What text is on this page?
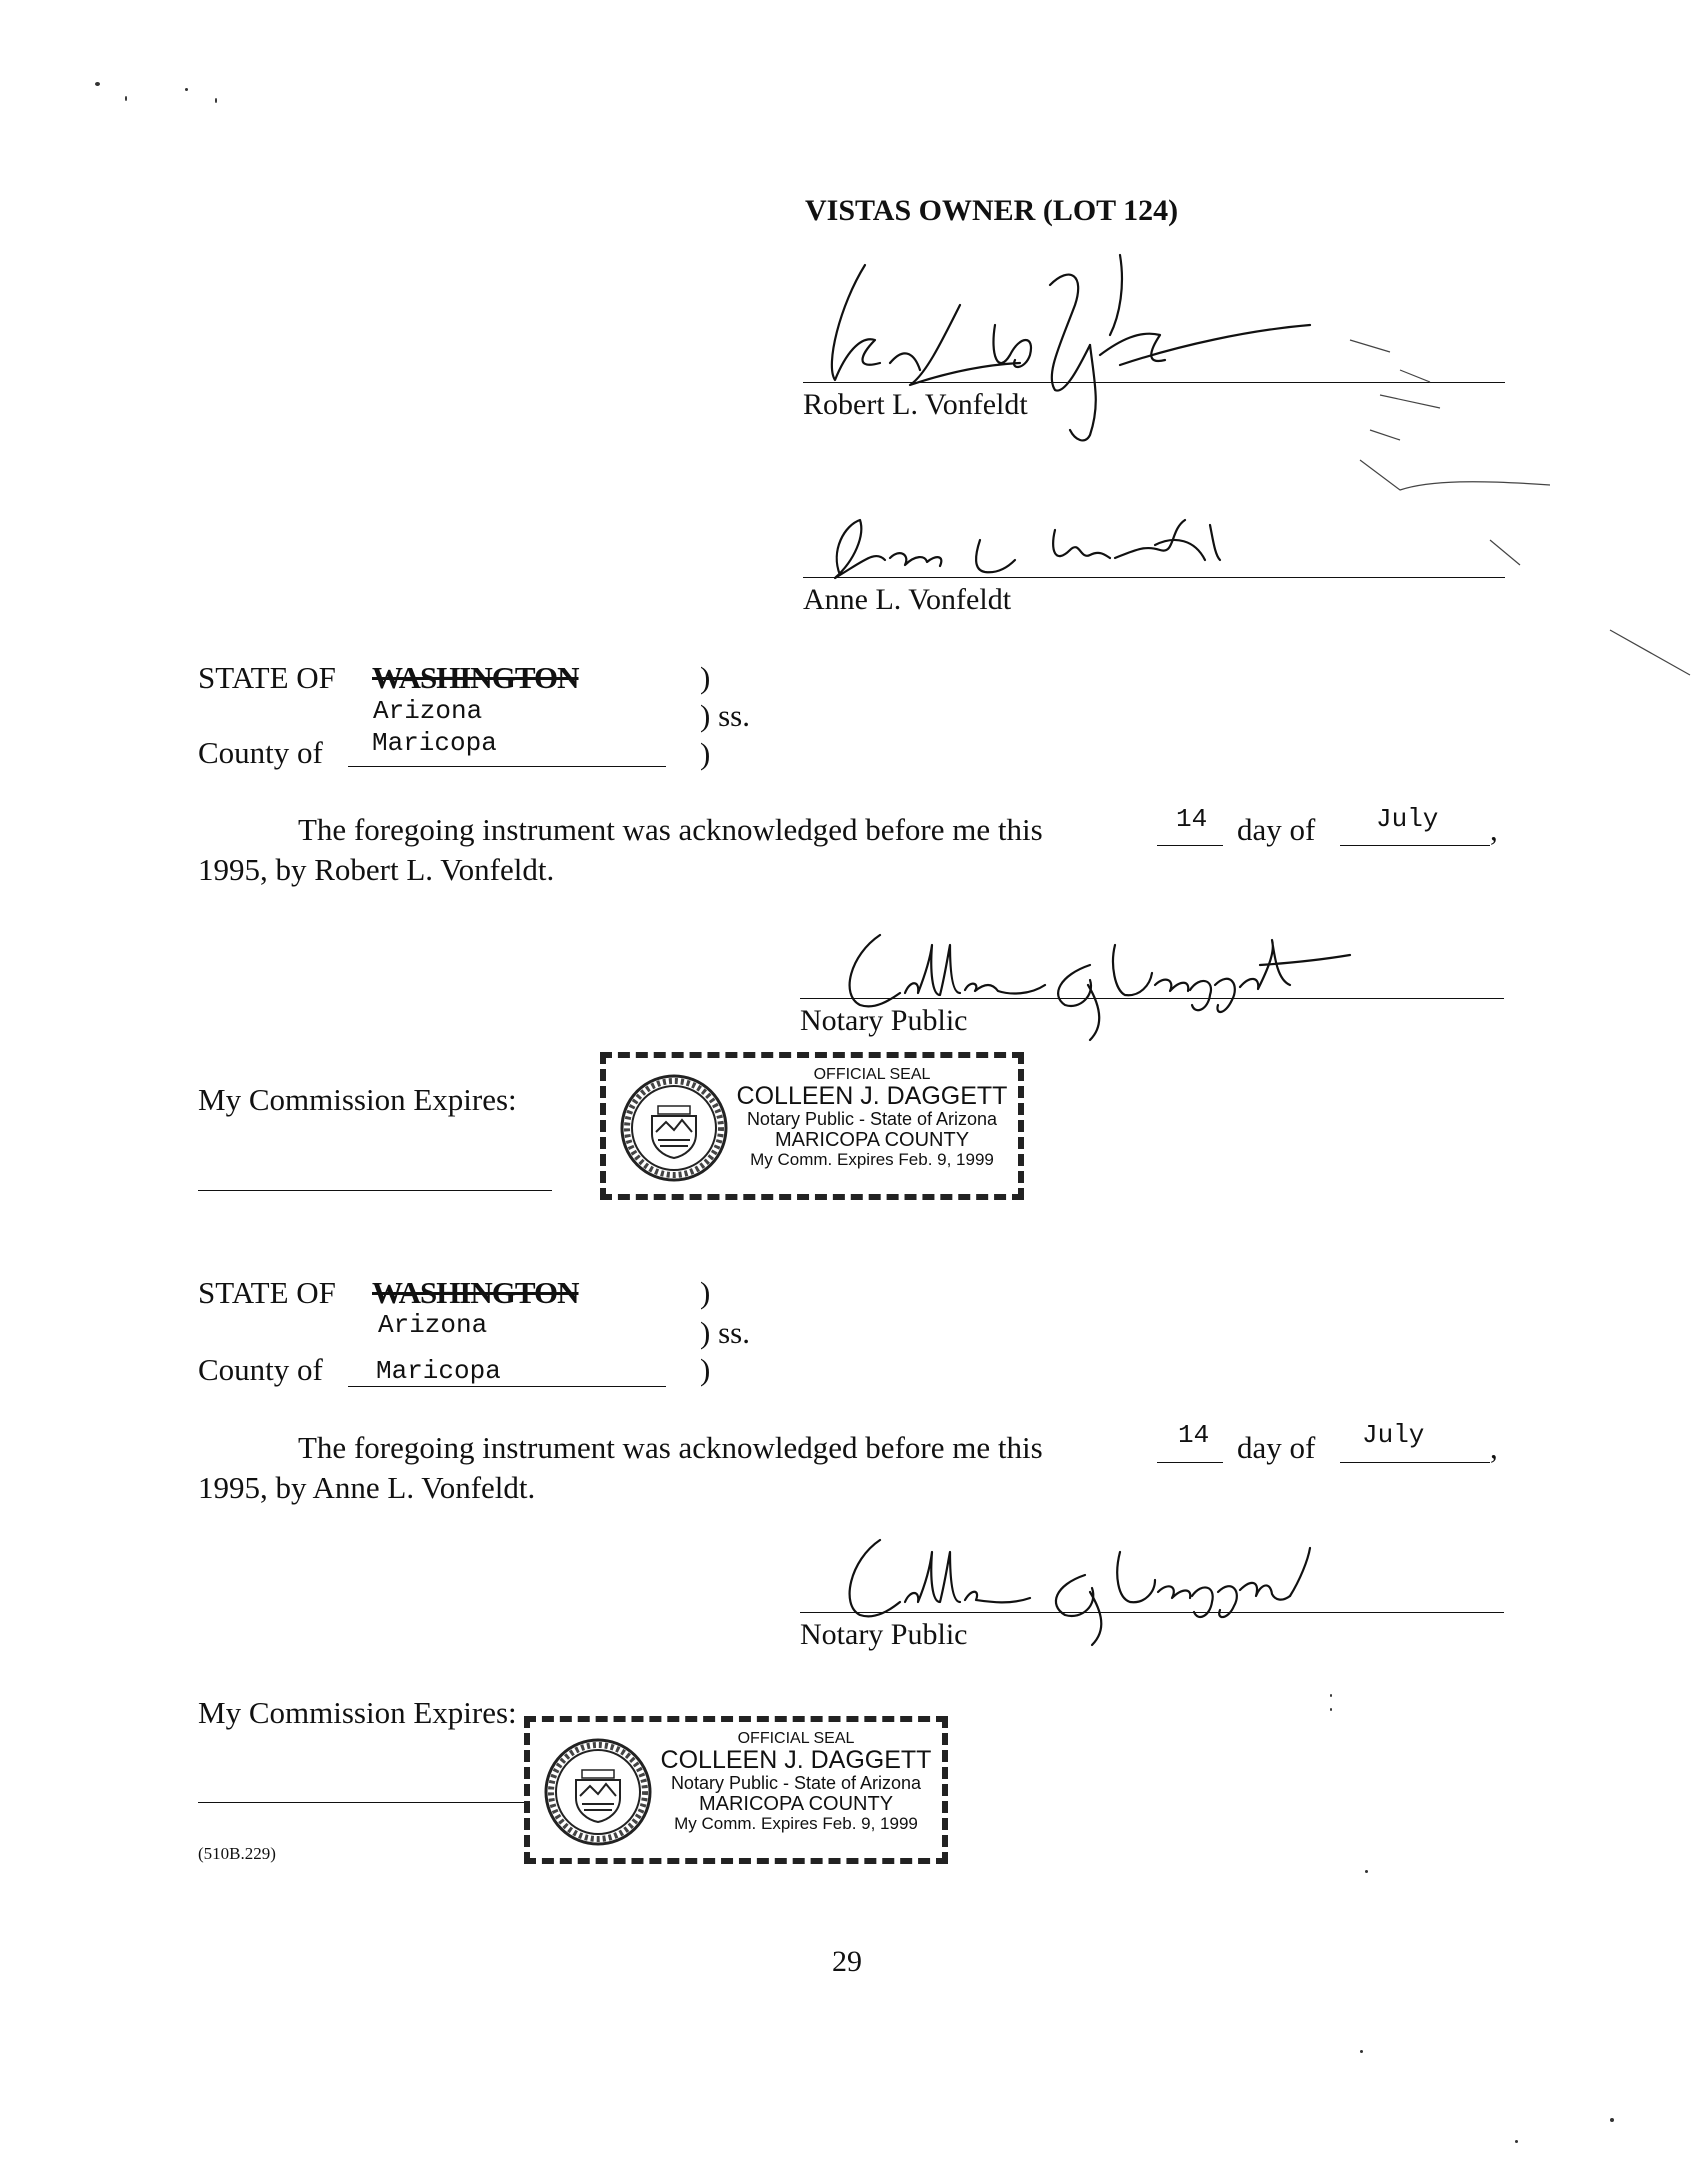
VISTAS OWNER (LOT 124)
Robert L. Vonfeldt
Anne L. Vonfeldt
STATE OF WASHINGTON	)
Arizona	) ss.
County of Maricopa	)
The foregoing instrument was acknowledged before me this	14 day of July ,
1995, by Robert L. Vonfeldt.
Notary Public
My Commission Expires:
OFFICIAL SEAL
COLLEEN J. DAGGETT
Notary Public - State of Arizona
MARICOPA COUNTY
My Comm. Expires Feb. 9, 1999
STATE OF WASHINGTON	)
Arizona	) ss.
County of Maricopa	)
The foregoing instrument was acknowledged before me this	14 day of July ,
1995, by Anne L. Vonfeldt.
Notary Public
My Commission Expires:
OFFICIAL SEAL
COLLEEN J. DAGGETT
Notary Public - State of Arizona
MARICOPA COUNTY
My Comm. Expires Feb. 9, 1999
(510B.229)
29
